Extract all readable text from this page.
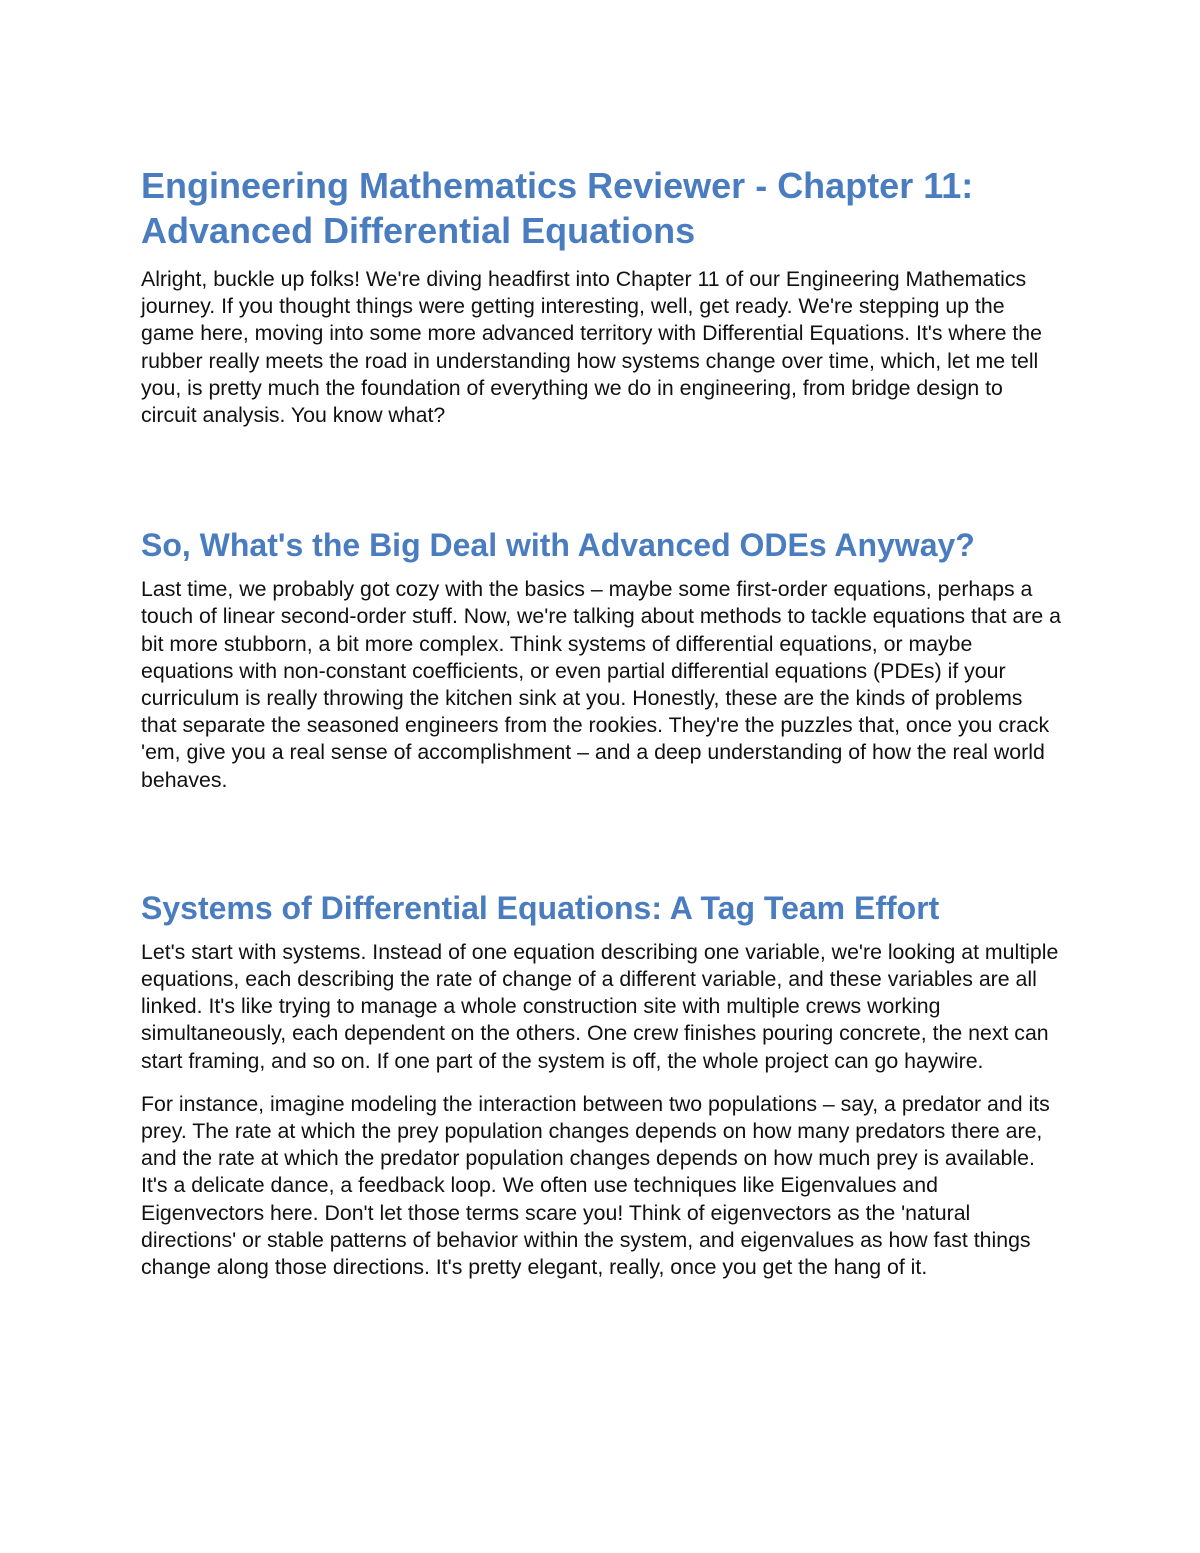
Engineering Mathematics Reviewer - Chapter 11: Advanced Differential Equations

Alright, buckle up folks! We're diving headfirst into Chapter 11 of our Engineering Mathematics journey. If you thought things were getting interesting, well, get ready. We're stepping up the game here, moving into some more advanced territory with Differential Equations. It's where the rubber really meets the road in understanding how systems change over time, which, let me tell you, is pretty much the foundation of everything we do in engineering, from bridge design to circuit analysis. You know what?

So, What's the Big Deal with Advanced ODEs Anyway?

Last time, we probably got cozy with the basics – maybe some first-order equations, perhaps a touch of linear second-order stuff. Now, we're talking about methods to tackle equations that are a bit more stubborn, a bit more complex. Think systems of differential equations, or maybe equations with non-constant coefficients, or even partial differential equations (PDEs) if your curriculum is really throwing the kitchen sink at you. Honestly, these are the kinds of problems that separate the seasoned engineers from the rookies. They're the puzzles that, once you crack 'em, give you a real sense of accomplishment – and a deep understanding of how the real world behaves.

Systems of Differential Equations: A Tag Team Effort

Let's start with systems. Instead of one equation describing one variable, we're looking at multiple equations, each describing the rate of change of a different variable, and these variables are all linked. It's like trying to manage a whole construction site with multiple crews working simultaneously, each dependent on the others. One crew finishes pouring concrete, the next can start framing, and so on. If one part of the system is off, the whole project can go haywire.

For instance, imagine modeling the interaction between two populations – say, a predator and its prey. The rate at which the prey population changes depends on how many predators there are, and the rate at which the predator population changes depends on how much prey is available. It's a delicate dance, a feedback loop. We often use techniques like Eigenvalues and Eigenvectors here. Don't let those terms scare you! Think of eigenvectors as the 'natural directions' or stable patterns of behavior within the system, and eigenvalues as how fast things change along those directions. It's pretty elegant, really, once you get the hang of it.
